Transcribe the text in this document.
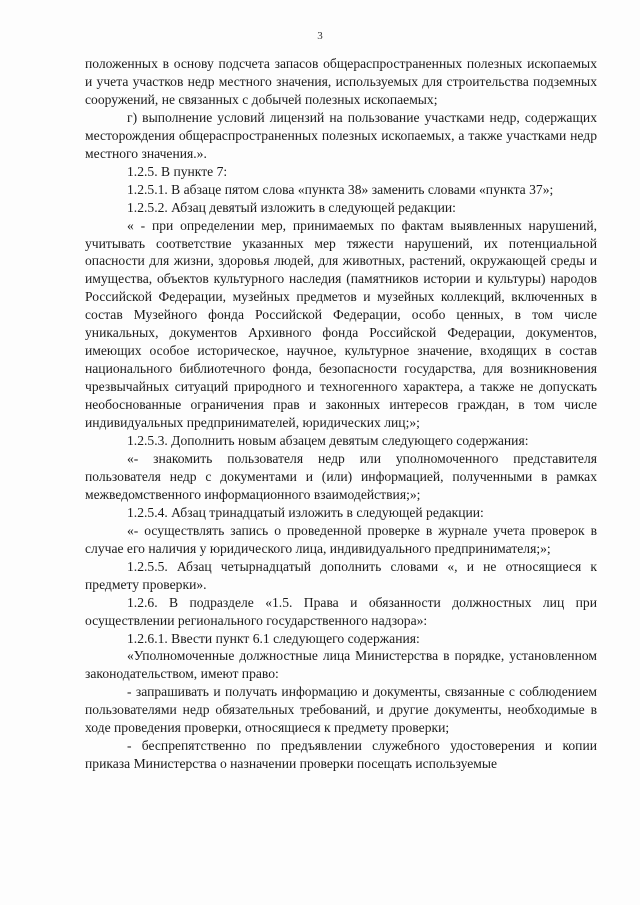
3

положенных в основу подсчета запасов общераспространенных полезных ископаемых и учета участков недр местного значения, используемых для строительства подземных сооружений, не связанных с добычей полезных ископаемых;

г) выполнение условий лицензий на пользование участками недр, содержащих месторождения общераспространенных полезных ископаемых, а также участками недр местного значения.».

1.2.5. В пункте 7:

1.2.5.1. В абзаце пятом слова «пункта 38» заменить словами «пункта 37»;

1.2.5.2. Абзац девятый изложить в следующей редакции:

« - при определении мер, принимаемых по фактам выявленных нарушений, учитывать соответствие указанных мер тяжести нарушений, их потенциальной опасности для жизни, здоровья людей, для животных, растений, окружающей среды и имущества, объектов культурного наследия (памятников истории и культуры) народов Российской Федерации, музейных предметов и музейных коллекций, включенных в состав Музейного фонда Российской Федерации, особо ценных, в том числе уникальных, документов Архивного фонда Российской Федерации, документов, имеющих особое историческое, научное, культурное значение, входящих в состав национального библиотечного фонда, безопасности государства, для возникновения чрезвычайных ситуаций природного и техногенного характера, а также не допускать необоснованные ограничения прав и законных интересов граждан, в том числе индивидуальных предпринимателей, юридических лиц;»;

1.2.5.3. Дополнить новым абзацем девятым следующего содержания:

«- знакомить пользователя недр или уполномоченного представителя пользователя недр с документами и (или) информацией, полученными в рамках межведомственного информационного взаимодействия;»;

1.2.5.4. Абзац тринадцатый изложить в следующей редакции:

«- осуществлять запись о проведенной проверке в журнале учета проверок в случае его наличия у юридического лица, индивидуального предпринимателя;»;

1.2.5.5. Абзац четырнадцатый дополнить словами «, и не относящиеся к предмету проверки».

1.2.6. В подразделе «1.5. Права и обязанности должностных лиц при осуществлении регионального государственного надзора»:

1.2.6.1. Ввести пункт 6.1 следующего содержания:

«Уполномоченные должностные лица Министерства в порядке, установленном законодательством, имеют право:

- запрашивать и получать информацию и документы, связанные с соблюдением пользователями недр обязательных требований, и другие документы, необходимые в ходе проведения проверки, относящиеся к предмету проверки;

- беспрепятственно по предъявлении служебного удостоверения и копии приказа Министерства о назначении проверки посещать используемые
